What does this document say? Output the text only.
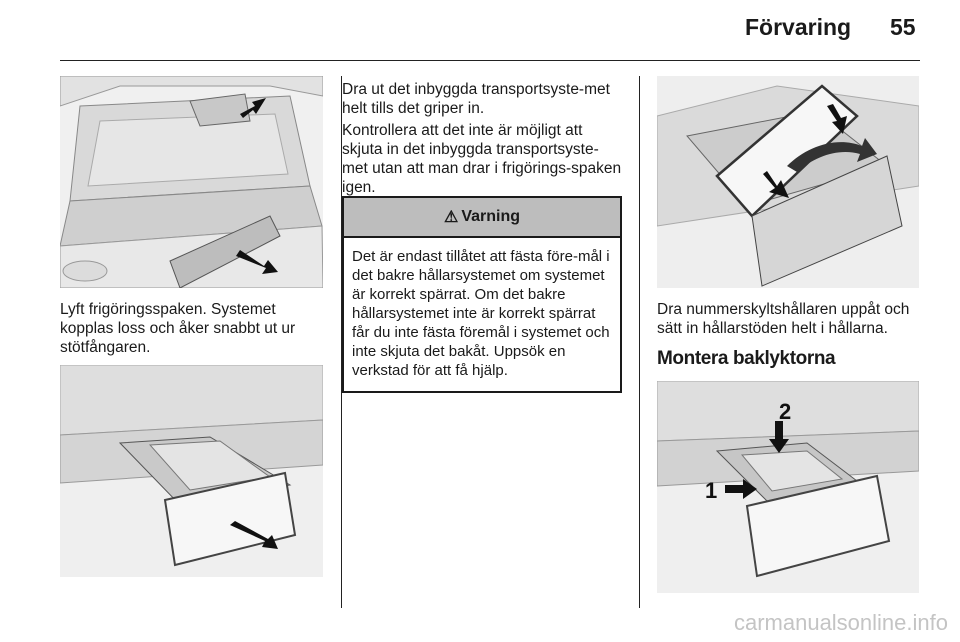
Förvaring 55

Lyft frigöringsspaken. Systemet kopplas loss och åker snabbt ut ur stötfångaren.

Dra ut det inbyggda transportsyste-met helt tills det griper in.

Kontrollera att det inte är möjligt att skjuta in det inbyggda transportsyste-met utan att man drar i frigörings-spaken igen.

⚠ Varning
Det är endast tillåtet att fästa före-mål i det bakre hållarsystemet om systemet är korrekt spärrat. Om det bakre hållarsystemet inte är korrekt spärrat får du inte fästa föremål i systemet och inte skjuta det bakåt. Uppsök en verkstad för att få hjälp.

Dra nummerskyltshållaren uppåt och sätt in hållarstöden helt i hållarna.

Montera baklyktorna
2
1
carmanualsonline.info
